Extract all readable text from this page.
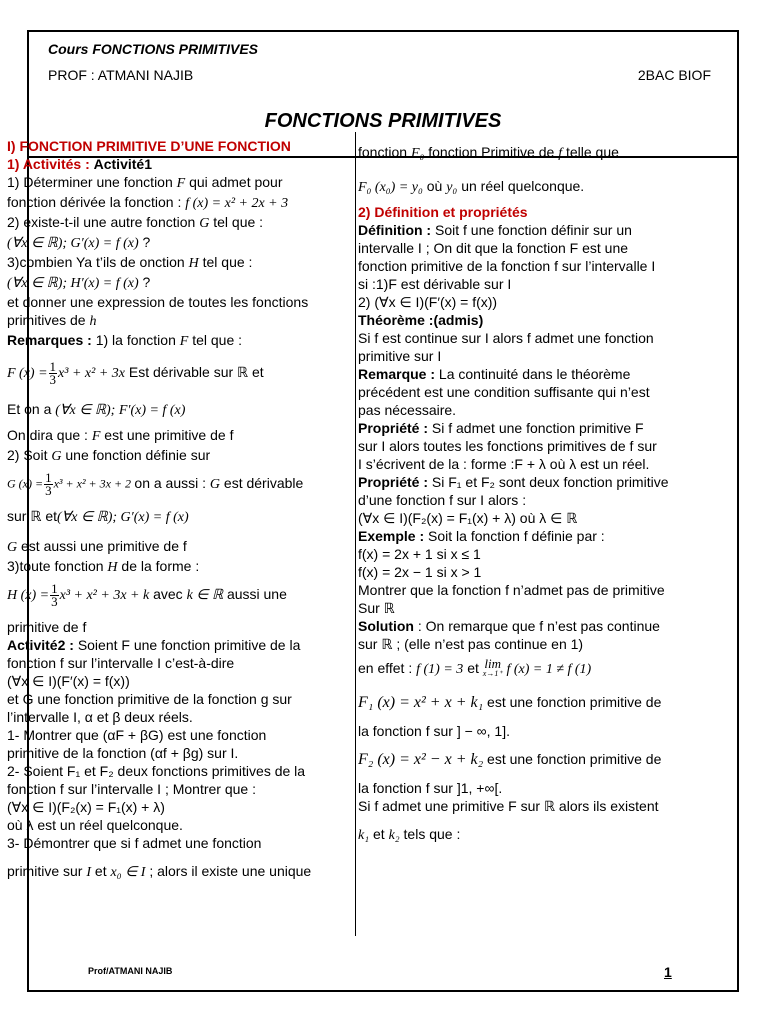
Cours FONCTIONS PRIMITIVES
PROF : ATMANI NAJIB	2BAC BIOF
FONCTIONS PRIMITIVES
I) FONCTION PRIMITIVE D’UNE FONCTION
1) Activités : Activité1
1) Déterminer une fonction F qui admet pour
fonction dérivée la fonction : f (x) = x² + 2x + 3
2) existe-t-il une autre fonction G tel que :
(∀x ∈ ℝ); G′(x) = f (x) ?
3)combien Ya t’ils de onction H tel que :
(∀x ∈ ℝ); H′(x) = f (x) ?
et donner une expression de toutes les fonctions
primitives de h
Remarques : 1) la fonction F tel que :
F $(x) = \frac{1}{3} x^3 + x^2 + 3x$ Est dérivable sur ℝ et
Et on a (∀x ∈ ℝ); F′(x) = f (x)
On dira que : F est une primitive de f
2) Soit G une fonction définie sur
G $(x) = \frac{1}{3} x^3 + x^2 + 3x + 2$ on a aussi : G est dérivable
sur ℝ et(∀x ∈ ℝ); G′(x) = f (x)
G est aussi une primitive de f
3)toute fonction H de la forme :
H $(x) = \frac{1}{3} x^3 + x^2 + 3x + k$ avec k ∈ ℝ aussi une
primitive de f
Activité2 : Soient F une fonction primitive de la
fonction f sur l’intervalle I c’est-à-dire
(∀x ∈ I)(F′(x) = f(x))
et G une fonction primitive de la fonction g sur
l’intervalle I, α et β deux réels.
1- Montrer que (αF + βG) est une fonction
primitive de la fonction (αf + βg) sur I.
2- Soient F₁ et F₂ deux fonctions primitives de la
fonction f sur l’intervalle I ; Montrer que :
(∀x ∈ I)(F₂(x) = F₁(x) + λ)
où λ est un réel quelconque.
3- Démontrer que si f admet une fonction
primitive sur I et x₀ ∈ I ; alors il existe une unique
fonction F₀ fonction Primitive de f telle que
F₀ (x₀) = y₀ où y₀ un réel quelconque.
2) Définition et propriétés
Définition : Soit f une fonction définir sur un
intervalle I ; On dit que la fonction F est une
fonction primitive de la fonction f sur l’intervalle I
si :1)F est dérivable sur I
2) (∀x ∈ I)(F′(x) = f(x))
Théorème :(admis)
Si f est continue sur I alors f admet une fonction
primitive sur I
Remarque : La continuité dans le théorème
précédent est une condition suffisante qui n’est
pas nécessaire.
Propriété : Si f admet une fonction primitive F
sur I alors toutes les fonctions primitives de f sur
I s’écrivent de la : forme :F + λ où λ est un réel.
Propriété : Si F₁ et F₂ sont deux fonction primitive
d’une fonction f sur I alors :
(∀x ∈ I)(F₂(x) = F₁(x) + λ) où λ ∈ ℝ
Exemple : Soit la fonction f définie par :
f(x) = 2x + 1 si x ≤ 1
f(x) = 2x − 1 si x > 1
Montrer que la fonction f n’admet pas de primitive
Sur ℝ
Solution : On remarque que f n’est pas continue
sur ℝ ; (elle n’est pas continue en 1)
en effet : f (1) = 3 et lim
x→1⁺ f (x) = 1 ≠ f (1)
F₁ (x) = x² + x + k₁ est une fonction primitive de
la fonction f sur ] − ∞, 1].
F₂ (x) = x² − x + k₂ est une fonction primitive de
la fonction f sur ]1, +∞[.
Si f admet une primitive F sur ℝ alors ils existent
k₁ et k₂ tels que :
Prof/ATMANI NAJIB	1
